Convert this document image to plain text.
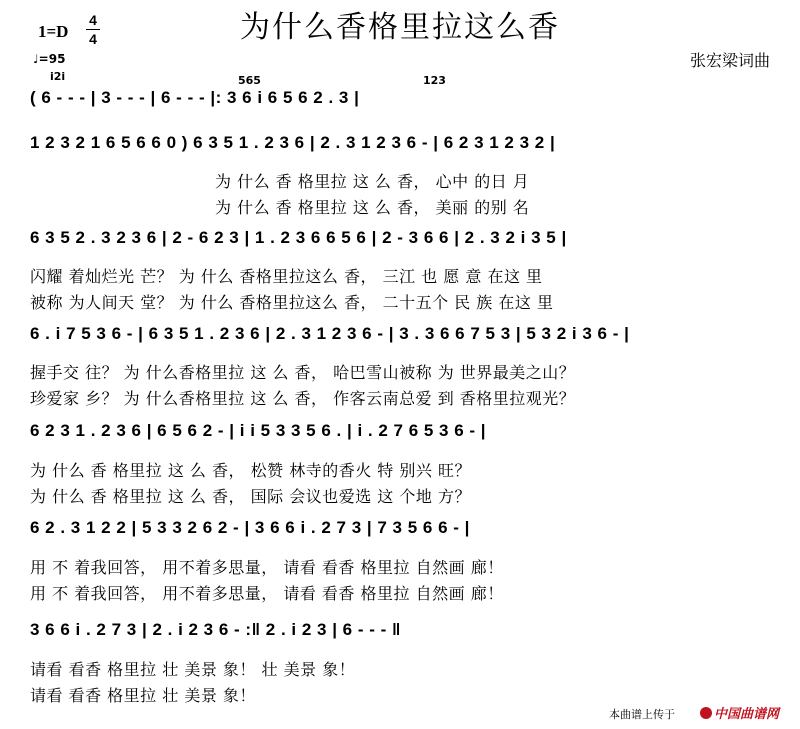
为什么香格里拉这么香
1=D
4
4
♩=95	张宏梁词曲
i2i	565	123
( 6 - - - | 3 - - - | 6 - - - |: 3 6 i 6 5 6 2 . 3 |
1 2 3 2 1 6 5 6 6 0 ) 6 3 5 1 . 2 3 6 | 2 . 3 1 2 3 6 - | 6 2 3 1 2 3 2 |
为 什么 香 格里拉 这 么 香， 心中 的日 月
为 什么 香 格里拉 这 么 香， 美丽 的别 名
6 3 5 2 . 3 2 3 6 | 2 - 6 2 3 | 1 . 2 3 6 6 5 6 | 2 - 3 6 6 | 2 . 3 2 i 3 5 |
闪耀 着灿烂光 芒？ 为 什么 香格里拉这么 香， 三江 也 愿 意 在这 里
被称 为人间天 堂？ 为 什么 香格里拉这么 香， 二十五个 民 族 在这 里
6 . i 7 5 3 6 - | 6 3 5 1 . 2 3 6 | 2 . 3 1 2 3 6 - | 3 . 3 6 6 7 5 3 | 5 3 2 i 3 6 - |
握手交 往？ 为 什么香格里拉 这 么 香， 哈巴雪山被称 为 世界最美之山？
珍爱家 乡？ 为 什么香格里拉 这 么 香， 作客云南总爱 到 香格里拉观光？
6 2 3 1 . 2 3 6 | 6 5 6 2 - | i i 5 3 3 5 6 . | i . 2 7 6 5 3 6 - |
为 什么 香 格里拉 这 么 香， 松赞 林寺的香火 特 别兴 旺？
为 什么 香 格里拉 这 么 香， 国际 会议也爱选 这 个地 方？
6 2 . 3 1 2 2 | 5 3 3 2 6 2 - | 3 6 6 i . 2 7 3 | 7 3 5 6 6 - |
用 不 着我回答， 用不着多思量， 请看 看香 格里拉 自然画 廊！
用 不 着我回答， 用不着多思量， 请看 看香 格里拉 自然画 廊！
3 6 6 i . 2 7 3 | 2 . i 2 3 6 - :‖ 2 . i 2 3 | 6 - - - ‖
请看 看香 格里拉 壮 美景 象！ 壮 美景 象！
请看 看香 格里拉 壮 美景 象！
本曲谱上传于	中国曲谱网
